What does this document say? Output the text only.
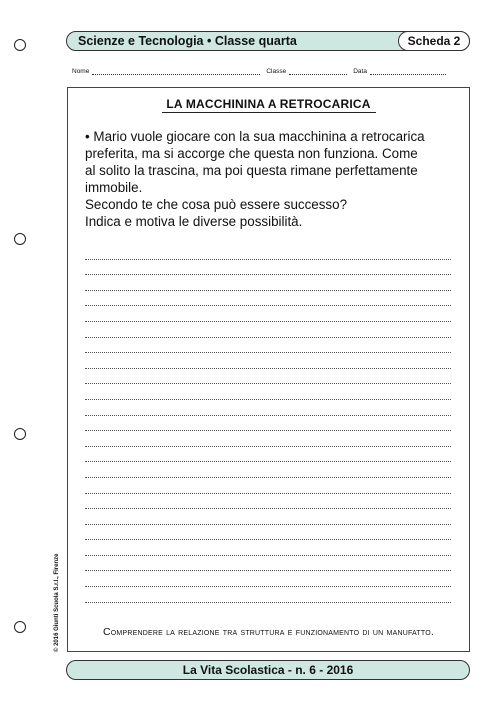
Scienze e Tecnologia • Classe quarta	Scheda 2
Nome	Classe	Data
LA MACCHININA A RETROCARICA
• Mario vuole giocare con la sua macchinina a retrocarica
preferita, ma si accorge che questa non funziona. Come
al solito la trascina, ma poi questa rimane perfettamente
immobile.
Secondo te che cosa può essere successo?
Indica e motiva le diverse possibilità.
Comprendere la relazione tra struttura e funzionamento di un manufatto.
La Vita Scolastica - n. 6 - 2016
© 2016 Giunti Scuola S.r.l., Firenze
